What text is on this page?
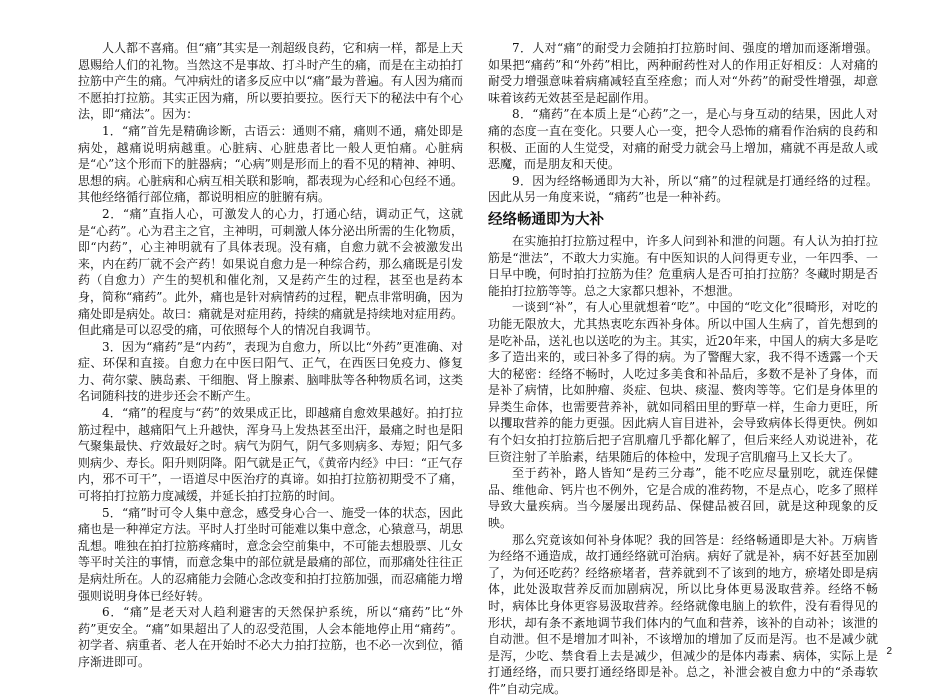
人人都不喜痛。但“痛”其实是一剂超级良药，它和病一样，都是上天恩赐给人们的礼物。当然这不是事故、打斗时产生的痛，而是在主动拍打拉筋中产生的痛。气冲病灶的诸多反应中以“痛”最为普遍。有人因为痛而不愿拍打拉筋。其实正因为痛，所以要拍要拉。医行天下的秘法中有个心法，即“痛法”。因为：

1．“痛”首先是精确诊断，古语云：通则不痛，痛则不通，痛处即是病处，越痛说明病越重。心脏病、心脏患者比一般人更怕痛。心脏病是“心”这个形而下的脏器病；“心病”则是形而上的看不见的精神、神明、思想的病。心脏病和心病互相关联和影响，都表现为心经和心包经不通。其他经络循行部位痛，都说明相应的脏腑有病。

2．“痛”直指人心，可激发人的心力，打通心结，调动正气，这就是“心药”。心为君主之官，主神明，可刺激人体分泌出所需的生化物质，即“内药”，心主神明就有了具体表现。没有痛，自愈力就不会被激发出来，内在药厂就不会产药！如果说自愈力是一种综合药，那么痛既是引发药（自愈力）产生的契机和催化剂，又是药产生的过程，甚至也是药本身，简称“痛药”。此外，痛也是针对病情药的过程，靶点非常明确，因为痛处即是病处。故曰：痛就是对症用药，持续的痛就是持续地对症用药。但此痛是可以忍受的痛，可依照每个人的情况自我调节。

3．因为“痛药”是“内药”，表现为自愈力，所以比“外药”更准确、对症、环保和直接。自愈力在中医曰阳气、正气，在西医曰免疫力、修复力、荷尔蒙、胰岛素、干细胞、肾上腺素、脑啡肽等各种物质名词，这类名词随科技的进步还会不断产生。

4．“痛”的程度与“药”的效果成正比，即越痛自愈效果越好。拍打拉筋过程中，越痛阳气上升越快，浑身马上发热甚至出汗，最痛之时也是阳气聚集最快、疗效最好之时。病气为阴气，阴气多则病多、寿短；阳气多则病少、寿长。阳升则阴降。阳气就是正气，《黄帝内经》中曰：“正气存内，邪不可干”，一语道尽中医治疗的真谛。如拍打拉筋初期受不了痛，可将拍打拉筋力度减缓，并延长拍打拉筋的时间。

5．“痛”时可令人集中意念，感受身心合一、施受一体的状态，因此痛也是一种禅定方法。平时人打坐时可能难以集中意念，心猿意马，胡思乱想。唯独在拍打拉筋疼痛时，意念会空前集中，不可能去想股票、儿女等平时关注的事情，而意念集中的部位就是最痛的部位，而那痛处往往正是病灶所在。人的忍痛能力会随心念改变和拍打拉筋加强，而忍痛能力增强则说明身体已经好转。

6．“痛”是老天对人趋利避害的天然保护系统，所以“痛药”比“外药”更安全。“痛”如果超出了人的忍受范围，人会本能地停止用“痛药”。初学者、病重者、老人在开始时不必大力拍打拉筋，也不必一次到位，循序渐进即可。

7．人对“痛”的耐受力会随拍打拉筋时间、强度的增加而逐渐增强。如果把“痛药”和“外药”相比，两种耐药性对人的作用正好相反：人对痛的耐受力增强意味着病痛减轻直至痊愈；而人对“外药”的耐受性增强，却意味着该药无效甚至是起副作用。

8．“痛药”在本质上是“心药”之一，是心与身互动的结果，因此人对痛的态度一直在变化。只要人心一变，把令人恐怖的痛看作治病的良药和积极、正面的人生觉受，对痛的耐受力就会马上增加，痛就不再是敌人或恶魔，而是朋友和天使。

9．因为经络畅通即为大补，所以“痛”的过程就是打通经络的过程。因此从另一角度来说，“痛药”也是一种补药。

经络畅通即为大补

在实施拍打拉筋过程中，许多人问到补和泄的问题。有人认为拍打拉筋是“泄法”，不敢大力实施。有中医知识的人问得更专业，一年四季、一日早中晚，何时拍打拉筋为佳？危重病人是否可拍打拉筋？冬藏时期是否能拍打拉筋等等。总之大家都只想补，不想泄。

一谈到“补”，有人心里就想着“吃”。中国的“吃文化”很畸形，对吃的功能无限放大，尤其热衷吃东西补身体。所以中国人生病了，首先想到的是吃补品，送礼也以送吃的为主。其实，近20年来，中国人的病大多是吃多了造出来的，或曰补多了得的病。为了警醒大家，我不得不透露一个天大的秘密：经络不畅时，人吃过多美食和补品后，多数不是补了身体，而是补了病情，比如肿瘤、炎症、包块、痰湿、赘肉等等。它们是身体里的异类生命体，也需要营养补，就如同稻田里的野草一样，生命力更旺，所以攫取营养的能力更强。因此病人盲目进补，会导致病体长得更快。例如有个妇女拍打拉筋后把子宫肌瘤几乎都化解了，但后来经人劝说进补，花巨资注射了羊胎素，结果随后的体检中，发现子宫肌瘤马上又长大了。

至于药补，路人皆知“是药三分毒”，能不吃应尽量别吃，就连保健品、维他命、钙片也不例外，它是合成的准药物，不是点心，吃多了照样导致大量疾病。当今屡屡出现药品、保健品被召回，就是这种现象的反映。

那么究竟该如何补身体呢？我的回答是：经络畅通即是大补。万病皆为经络不通造成，故打通经络就可治病。病好了就是补，病不好甚至加剧了，为何还吃药？经络瘀堵者，营养就到不了该到的地方，瘀堵处即是病体，此处汲取营养反而加剧病况，所以比身体更易汲取营养。经络不畅时，病体比身体更容易汲取营养。经络就像电脑上的软件，没有看得见的形状，却有条不紊地调节我们体内的气血和营养，该补的自动补；该泄的自动泄。但不是增加才叫补，不该增加的增加了反而是泻。也不是减少就是泻，少吃、禁食看上去是减少，但减少的是体内毒素、病体，实际上是打通经络，而只要打通经络即是补。总之，补泄会被自愈力中的“杀毒软件”自动完成。

2
